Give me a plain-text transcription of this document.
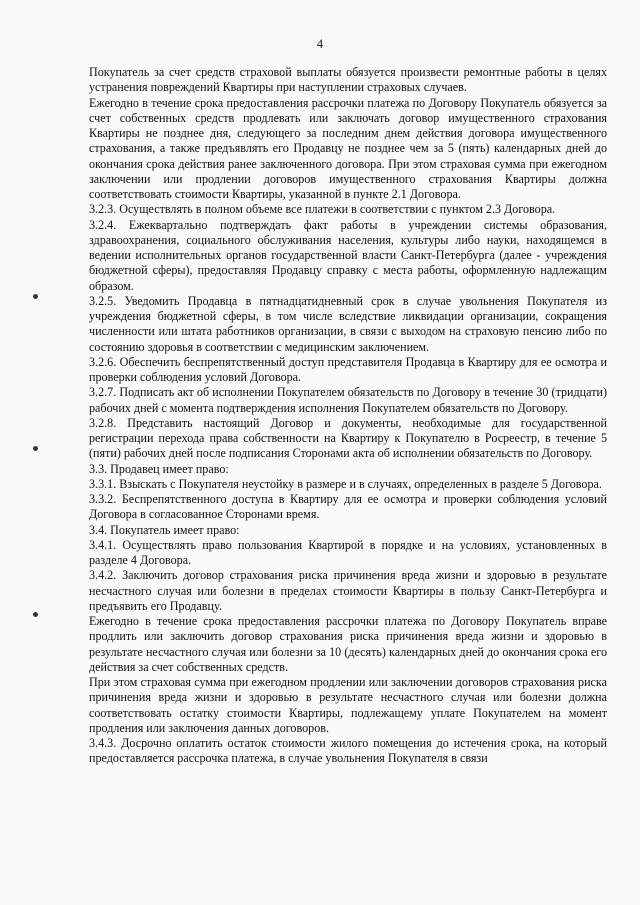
4

Покупатель за счет средств страховой выплаты обязуется произвести ремонтные работы в целях устранения повреждений Квартиры при наступлении страховых случаев.

Ежегодно в течение срока предоставления рассрочки платежа по Договору Покупатель обязуется за счет собственных средств продлевать или заключать договор имущественного страхования Квартиры не позднее дня, следующего за последним днем действия договора имущественного страхования, а также предъявлять его Продавцу не позднее чем за 5 (пять) календарных дней до окончания срока действия ранее заключенного договора. При этом страховая сумма при ежегодном заключении или продлении договоров имущественного страхования Квартиры должна соответствовать стоимости Квартиры, указанной в пункте 2.1 Договора.

3.2.3. Осуществлять в полном объеме все платежи в соответствии с пунктом 2.3 Договора.

3.2.4. Ежеквартально подтверждать факт работы в учреждении системы образования, здравоохранения, социального обслуживания населения, культуры либо науки, находящемся в ведении исполнительных органов государственной власти Санкт-Петербурга (далее - учреждения бюджетной сферы), предоставляя Продавцу справку с места работы, оформленную надлежащим образом.

3.2.5. Уведомить Продавца в пятнадцатидневный срок в случае увольнения Покупателя из учреждения бюджетной сферы, в том числе вследствие ликвидации организации, сокращения численности или штата работников организации, в связи с выходом на страховую пенсию либо по состоянию здоровья в соответствии с медицинским заключением.

3.2.6. Обеспечить беспрепятственный доступ представителя Продавца в Квартиру для ее осмотра и проверки соблюдения условий Договора.

3.2.7. Подписать акт об исполнении Покупателем обязательств по Договору в течение 30 (тридцати) рабочих дней с момента подтверждения исполнения Покупателем обязательств по Договору.

3.2.8. Представить настоящий Договор и документы, необходимые для государственной регистрации перехода права собственности на Квартиру к Покупателю в Росреестр, в течение 5 (пяти) рабочих дней после подписания Сторонами акта об исполнении обязательств по Договору.

3.3. Продавец имеет право:

3.3.1. Взыскать с Покупателя неустойку в размере и в случаях, определенных в разделе 5 Договора.

3.3.2. Беспрепятственного доступа в Квартиру для ее осмотра и проверки соблюдения условий Договора в согласованное Сторонами время.

3.4. Покупатель имеет право:

3.4.1. Осуществлять право пользования Квартирой в порядке и на условиях, установленных в разделе 4 Договора.

3.4.2. Заключить договор страхования риска причинения вреда жизни и здоровью в результате несчастного случая или болезни в пределах стоимости Квартиры в пользу Санкт-Петербурга и предъявить его Продавцу.

Ежегодно в течение срока предоставления рассрочки платежа по Договору Покупатель вправе продлить или заключить договор страхования риска причинения вреда жизни и здоровью в результате несчастного случая или болезни за 10 (десять) календарных дней до окончания срока его действия за счет собственных средств.

При этом страховая сумма при ежегодном продлении или заключении договоров страхования риска причинения вреда жизни и здоровью в результате несчастного случая или болезни должна соответствовать остатку стоимости Квартиры, подлежащему уплате Покупателем на момент продления или заключения данных договоров.

3.4.3. Досрочно оплатить остаток стоимости жилого помещения до истечения срока, на который предоставляется рассрочка платежа, в случае увольнения Покупателя в связи
